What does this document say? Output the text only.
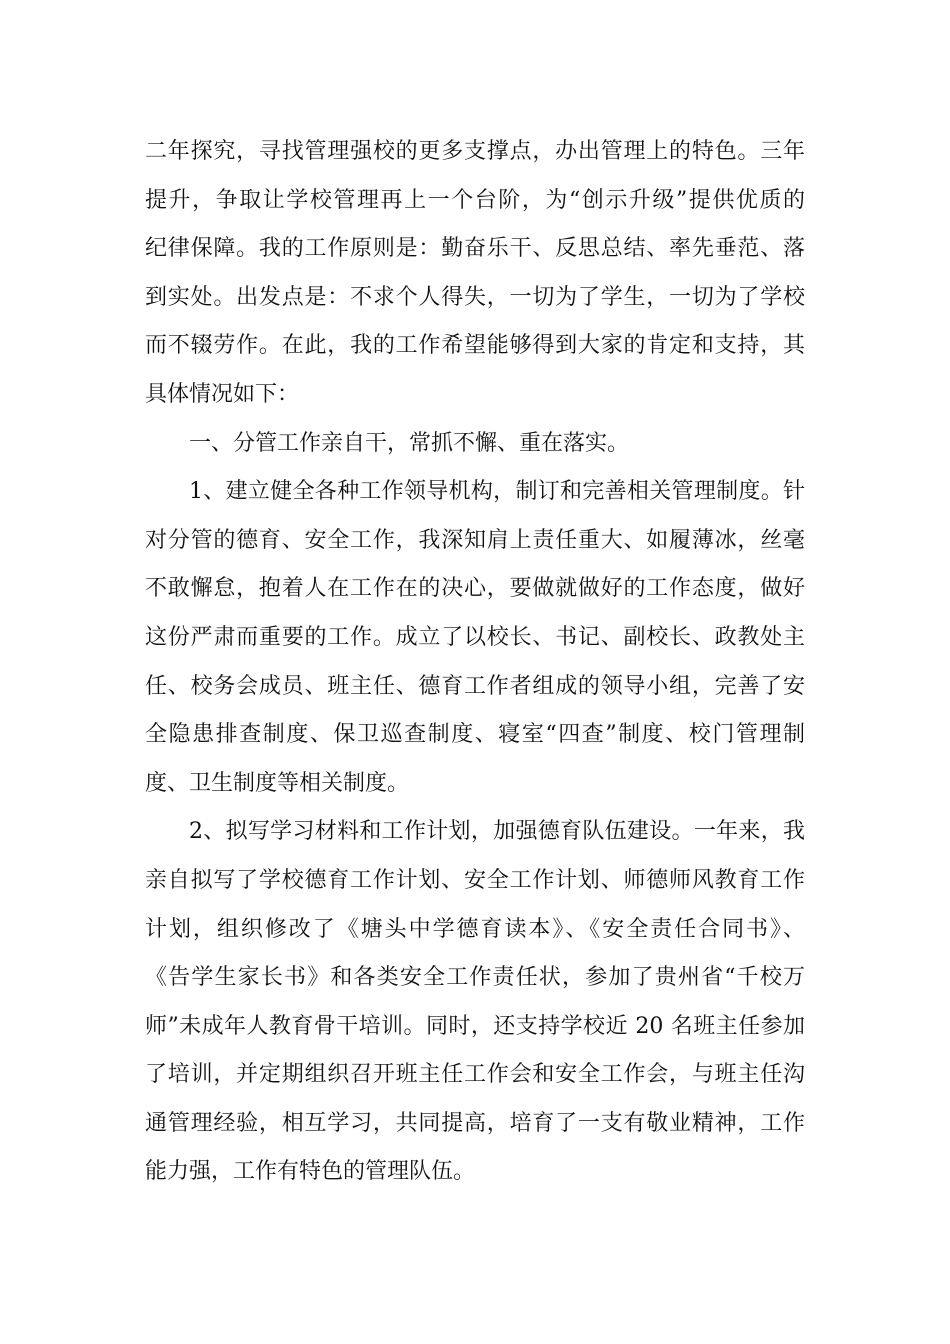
二年探究，寻找管理强校的更多支撑点，办出管理上的特色。三年
提升，争取让学校管理再上一个台阶，为“创示升级”提供优质的
纪律保障。我的工作原则是：勤奋乐干、反思总结、率先垂范、落
到实处。出发点是：不求个人得失，一切为了学生，一切为了学校
而不辍劳作。在此，我的工作希望能够得到大家的肯定和支持，其
具体情况如下：
一、分管工作亲自干，常抓不懈、重在落实。
1、建立健全各种工作领导机构，制订和完善相关管理制度。针
对分管的德育、安全工作，我深知肩上责任重大、如履薄冰，丝毫
不敢懈怠，抱着人在工作在的决心，要做就做好的工作态度，做好
这份严肃而重要的工作。成立了以校长、书记、副校长、政教处主
任、校务会成员、班主任、德育工作者组成的领导小组，完善了安
全隐患排查制度、保卫巡查制度、寝室“四查”制度、校门管理制
度、卫生制度等相关制度。
2、拟写学习材料和工作计划，加强德育队伍建设。一年来，我
亲自拟写了学校德育工作计划、安全工作计划、师德师风教育工作
计划，组织修改了《塘头中学德育读本》、《安全责任合同书》、
《告学生家长书》和各类安全工作责任状，参加了贵州省“千校万
师”未成年人教育骨干培训。同时，还支持学校近 20 名班主任参加
了培训，并定期组织召开班主任工作会和安全工作会，与班主任沟
通管理经验，相互学习，共同提高，培育了一支有敬业精神，工作
能力强，工作有特色的管理队伍。
